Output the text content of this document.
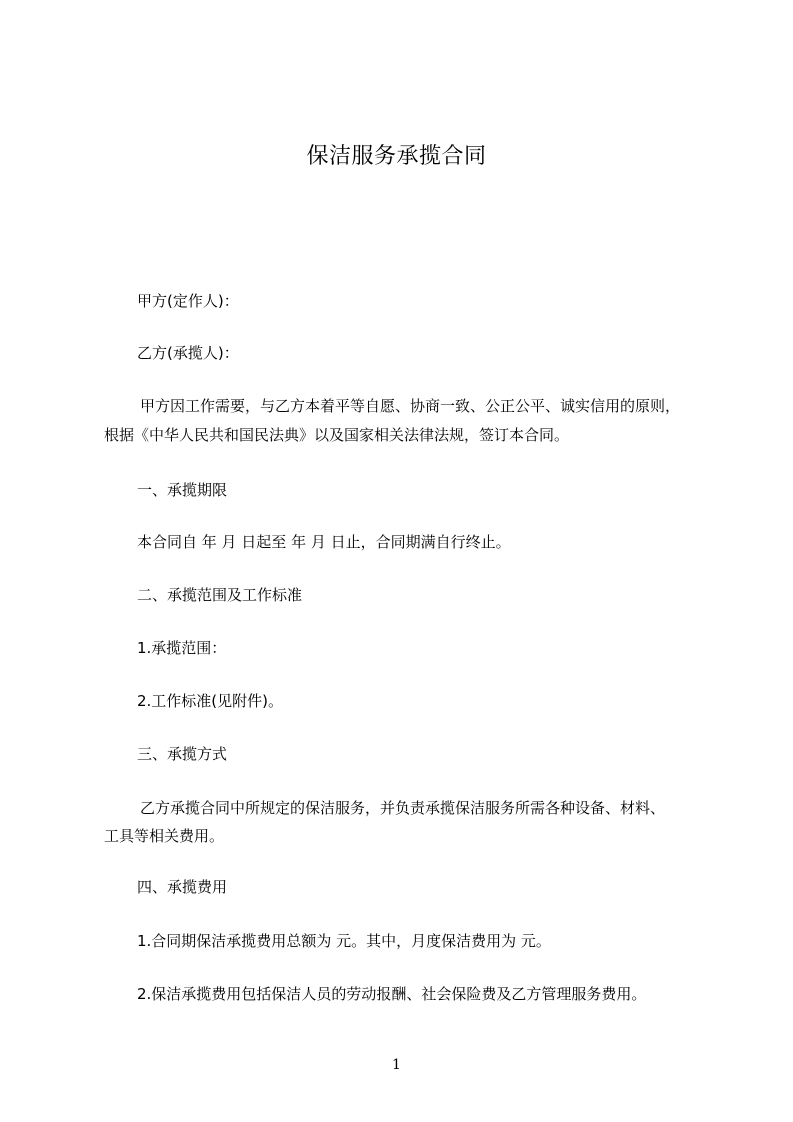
保洁服务承揽合同
甲方(定作人)：
乙方(承揽人)：
甲方因工作需要，与乙方本着平等自愿、协商一致、公正公平、诚实信用的原则，
根据《中华人民共和国民法典》以及国家相关法律法规，签订本合同。
一、承揽期限
本合同自 年 月 日起至 年 月 日止，合同期满自行终止。
二、承揽范围及工作标准
1.承揽范围：
2.工作标准(见附件)。
三、承揽方式
乙方承揽合同中所规定的保洁服务，并负责承揽保洁服务所需各种设备、材料、
工具等相关费用。
四、承揽费用
1.合同期保洁承揽费用总额为 元。其中，月度保洁费用为 元。
2.保洁承揽费用包括保洁人员的劳动报酬、社会保险费及乙方管理服务费用。
1
